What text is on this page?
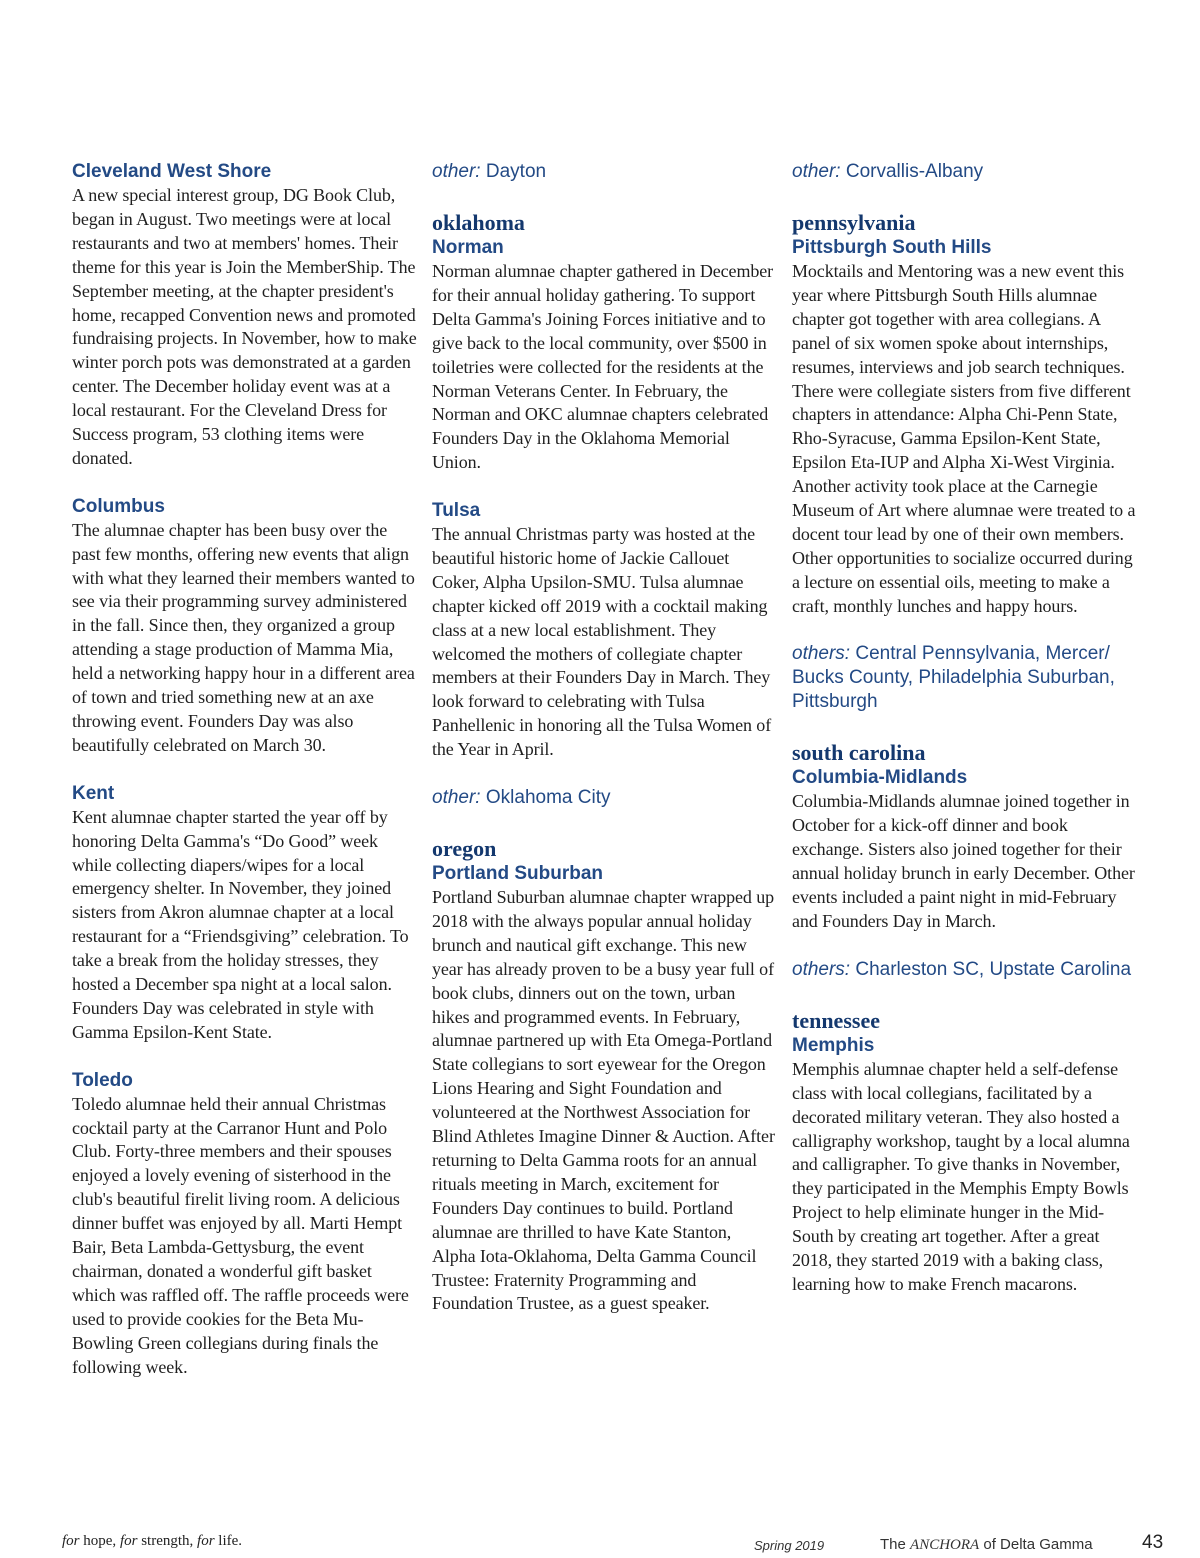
Cleveland West Shore

A new special interest group, DG Book Club, began in August. Two meetings were at local restaurants and two at members' homes. Their theme for this year is Join the MemberShip. The September meeting, at the chapter president's home, recapped Convention news and promoted fundraising projects. In November, how to make winter porch pots was demonstrated at a garden center. The December holiday event was at a local restaurant. For the Cleveland Dress for Success program, 53 clothing items were donated.

Columbus

The alumnae chapter has been busy over the past few months, offering new events that align with what they learned their members wanted to see via their programming survey administered in the fall. Since then, they organized a group attending a stage production of Mamma Mia, held a networking happy hour in a different area of town and tried something new at an axe throwing event. Founders Day was also beautifully celebrated on March 30.

Kent

Kent alumnae chapter started the year off by honoring Delta Gamma's “Do Good” week while collecting diapers/wipes for a local emergency shelter. In November, they joined sisters from Akron alumnae chapter at a local restaurant for a “Friendsgiving” celebration. To take a break from the holiday stresses, they hosted a December spa night at a local salon. Founders Day was celebrated in style with Gamma Epsilon-Kent State.

Toledo

Toledo alumnae held their annual Christmas cocktail party at the Carranor Hunt and Polo Club. Forty-three members and their spouses enjoyed a lovely evening of sisterhood in the club's beautiful firelit living room. A delicious dinner buffet was enjoyed by all. Marti Hempt Bair, Beta Lambda-Gettysburg, the event chairman, donated a wonderful gift basket which was raffled off. The raffle proceeds were used to provide cookies for the Beta Mu-Bowling Green collegians during finals the following week.

other: Dayton

oklahoma
Norman

Norman alumnae chapter gathered in December for their annual holiday gathering. To support Delta Gamma's Joining Forces initiative and to give back to the local community, over $500 in toiletries were collected for the residents at the Norman Veterans Center. In February, the Norman and OKC alumnae chapters celebrated Founders Day in the Oklahoma Memorial Union.

Tulsa

The annual Christmas party was hosted at the beautiful historic home of Jackie Callouet Coker, Alpha Upsilon-SMU. Tulsa alumnae chapter kicked off 2019 with a cocktail making class at a new local establishment. They welcomed the mothers of collegiate chapter members at their Founders Day in March. They look forward to celebrating with Tulsa Panhellenic in honoring all the Tulsa Women of the Year in April.

other: Oklahoma City

oregon
Portland Suburban

Portland Suburban alumnae chapter wrapped up 2018 with the always popular annual holiday brunch and nautical gift exchange. This new year has already proven to be a busy year full of book clubs, dinners out on the town, urban hikes and programmed events. In February, alumnae partnered up with Eta Omega-Portland State collegians to sort eyewear for the Oregon Lions Hearing and Sight Foundation and volunteered at the Northwest Association for Blind Athletes Imagine Dinner & Auction. After returning to Delta Gamma roots for an annual rituals meeting in March, excitement for Founders Day continues to build. Portland alumnae are thrilled to have Kate Stanton, Alpha Iota-Oklahoma, Delta Gamma Council Trustee: Fraternity Programming and Foundation Trustee, as a guest speaker.

other: Corvallis-Albany

pennsylvania
Pittsburgh South Hills

Mocktails and Mentoring was a new event this year where Pittsburgh South Hills alumnae chapter got together with area collegians. A panel of six women spoke about internships, resumes, interviews and job search techniques. There were collegiate sisters from five different chapters in attendance: Alpha Chi-Penn State, Rho-Syracuse, Gamma Epsilon-Kent State, Epsilon Eta-IUP and Alpha Xi-West Virginia. Another activity took place at the Carnegie Museum of Art where alumnae were treated to a docent tour lead by one of their own members. Other opportunities to socialize occurred during a lecture on essential oils, meeting to make a craft, monthly lunches and happy hours.

others: Central Pennsylvania, Mercer/ Bucks County, Philadelphia Suburban, Pittsburgh

south carolina
Columbia-Midlands

Columbia-Midlands alumnae joined together in October for a kick-off dinner and book exchange. Sisters also joined together for their annual holiday brunch in early December. Other events included a paint night in mid-February and Founders Day in March.

others: Charleston SC, Upstate Carolina

tennessee
Memphis

Memphis alumnae chapter held a self-defense class with local collegians, facilitated by a decorated military veteran. They also hosted a calligraphy workshop, taught by a local alumna and calligrapher. To give thanks in November, they participated in the Memphis Empty Bowls Project to help eliminate hunger in the Mid-South by creating art together. After a great 2018, they started 2019 with a baking class, learning how to make French macarons.

for hope, for strength, for life.	Spring 2019	The ANCHORA of Delta Gamma	43
